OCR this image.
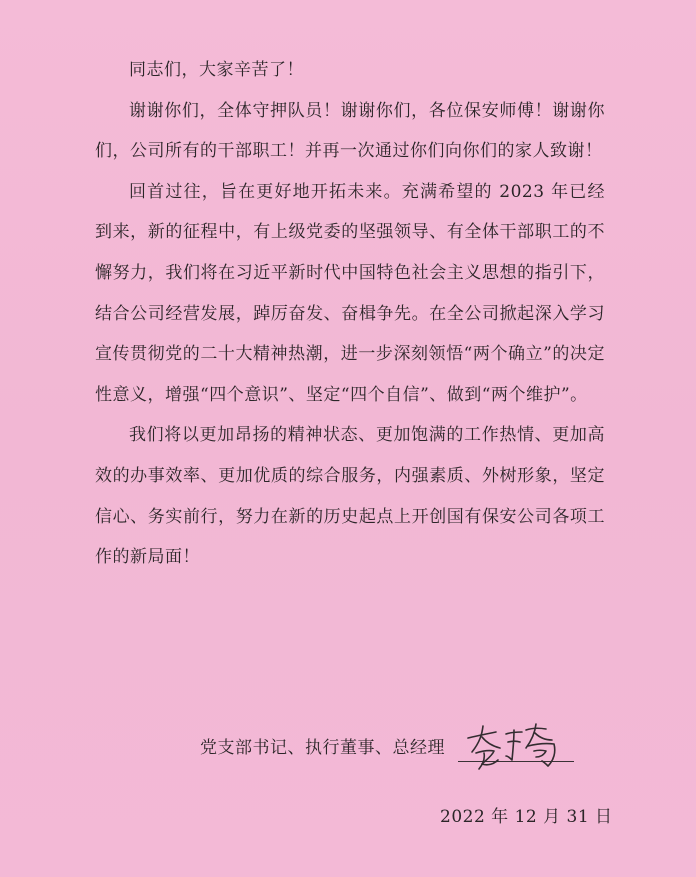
同志们，大家辛苦了！

谢谢你们，全体守押队员！谢谢你们，各位保安师傅！谢谢你们，公司所有的干部职工！并再一次通过你们向你们的家人致谢！

回首过往，旨在更好地开拓未来。充满希望的 2023 年已经到来，新的征程中，有上级党委的坚强领导、有全体干部职工的不懈努力，我们将在习近平新时代中国特色社会主义思想的指引下，结合公司经营发展，踔厉奋发、奋楫争先。在全公司掀起深入学习宣传贯彻党的二十大精神热潮，进一步深刻领悟“两个确立”的决定性意义，增强“四个意识”、坚定“四个自信”、做到“两个维护”。

我们将以更加昂扬的精神状态、更加饱满的工作热情、更加高效的办事效率、更加优质的综合服务，内强素质、外树形象，坚定信心、务实前行，努力在新的历史起点上开创国有保安公司各项工作的新局面！

党支部书记、执行董事、总经理
2022 年 12 月 31 日
